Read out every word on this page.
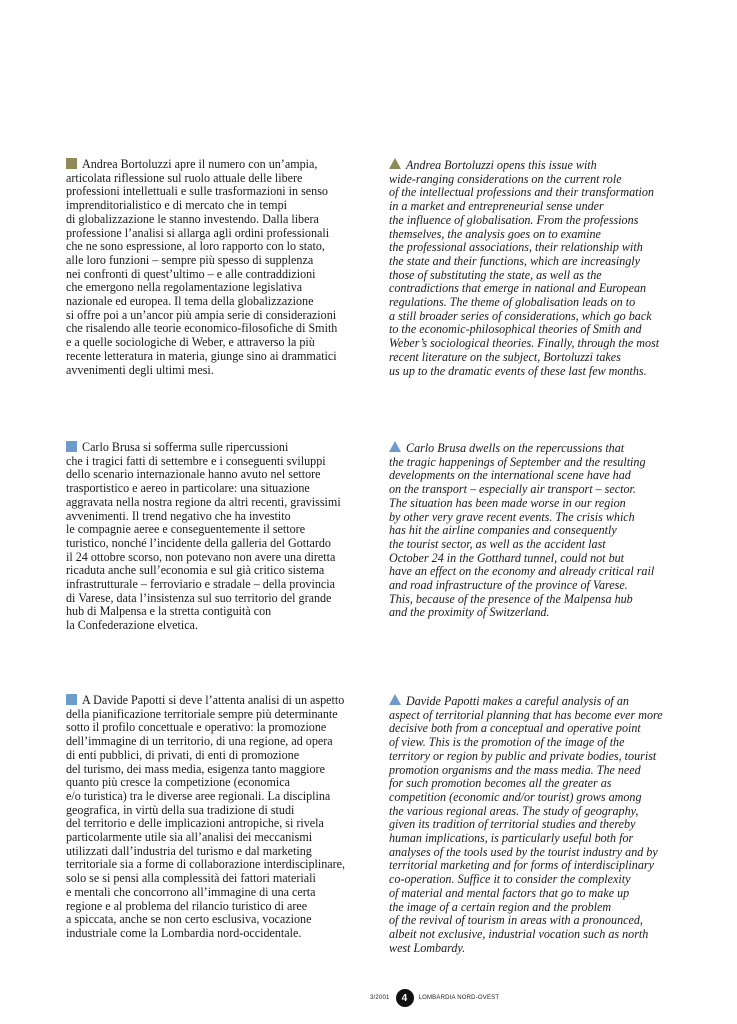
Andrea Bortoluzzi apre il numero con un’ampia,
articolata riflessione sul ruolo attuale delle libere
professioni intellettuali e sulle trasformazioni in senso
imprenditorialistico e di mercato che in tempi
di globalizzazione le stanno investendo. Dalla libera
professione l’analisi si allarga agli ordini professionali
che ne sono espressione, al loro rapporto con lo stato,
alle loro funzioni – sempre più spesso di supplenza
nei confronti di quest’ultimo – e alle contraddizioni
che emergono nella regolamentazione legislativa
nazionale ed europea. Il tema della globalizzazione
si offre poi a un’ancor più ampia serie di considerazioni
che risalendo alle teorie economico-filosofiche di Smith
e a quelle sociologiche di Weber, e attraverso la più
recente letteratura in materia, giunge sino ai drammatici
avvenimenti degli ultimi mesi.
Andrea Bortoluzzi opens this issue with
wide-ranging considerations on the current role
of the intellectual professions and their transformation
in a market and entrepreneurial sense under
the influence of globalisation. From the professions
themselves, the analysis goes on to examine
the professional associations, their relationship with
the state and their functions, which are increasingly
those of substituting the state, as well as the
contradictions that emerge in national and European
regulations. The theme of globalisation leads on to
a still broader series of considerations, which go back
to the economic-philosophical theories of Smith and
Weber’s sociological theories. Finally, through the most
recent literature on the subject, Bortoluzzi takes
us up to the dramatic events of these last few months.
Carlo Brusa si sofferma sulle ripercussioni
che i tragici fatti di settembre e i conseguenti sviluppi
dello scenario internazionale hanno avuto nel settore
trasportistico e aereo in particolare: una situazione
aggravata nella nostra regione da altri recenti, gravissimi
avvenimenti. Il trend negativo che ha investito
le compagnie aeree e conseguentemente il settore
turistico, nonché l’incidente della galleria del Gottardo
il 24 ottobre scorso, non potevano non avere una diretta
ricaduta anche sull’economia e sul già critico sistema
infrastrutturale – ferroviario e stradale – della provincia
di Varese, data l’insistenza sul suo territorio del grande
hub di Malpensa e la stretta contiguità con
la Confederazione elvetica.
Carlo Brusa dwells on the repercussions that
the tragic happenings of September and the resulting
developments on the international scene have had
on the transport – especially air transport – sector.
The situation has been made worse in our region
by other very grave recent events. The crisis which
has hit the airline companies and consequently
the tourist sector, as well as the accident last
October 24 in the Gotthard tunnel, could not but
have an effect on the economy and already critical rail
and road infrastructure of the province of Varese.
This, because of the presence of the Malpensa hub
and the proximity of Switzerland.
A Davide Papotti si deve l’attenta analisi di un aspetto
della pianificazione territoriale sempre più determinante
sotto il profilo concettuale e operativo: la promozione
dell’immagine di un territorio, di una regione, ad opera
di enti pubblici, di privati, di enti di promozione
del turismo, dei mass media, esigenza tanto maggiore
quanto più cresce la competizione (economica
e/o turistica) tra le diverse aree regionali. La disciplina
geografica, in virtù della sua tradizione di studi
del territorio e delle implicazioni antropiche, si rivela
particolarmente utile sia all’analisi dei meccanismi
utilizzati dall’industria del turismo e dal marketing
territoriale sia a forme di collaborazione interdisciplinare,
solo se si pensi alla complessità dei fattori materiali
e mentali che concorrono all’immagine di una certa
regione e al problema del rilancio turistico di aree
a spiccata, anche se non certo esclusiva, vocazione
industriale come la Lombardia nord-occidentale.
Davide Papotti makes a careful analysis of an
aspect of territorial planning that has become ever more
decisive both from a conceptual and operative point
of view. This is the promotion of the image of the
territory or region by public and private bodies, tourist
promotion organisms and the mass media. The need
for such promotion becomes all the greater as
competition (economic and/or tourist) grows among
the various regional areas. The study of geography,
given its tradition of territorial studies and thereby
human implications, is particularly useful both for
analyses of the tools used by the tourist industry and by
territorial marketing and for forms of interdisciplinary
co-operation. Suffice it to consider the complexity
of material and mental factors that go to make up
the image of a certain region and the problem
of the revival of tourism in areas with a pronounced,
albeit not exclusive, industrial vocation such as north
west Lombardy.
3/2001	4	LOMBARDIA NORD-OVEST
